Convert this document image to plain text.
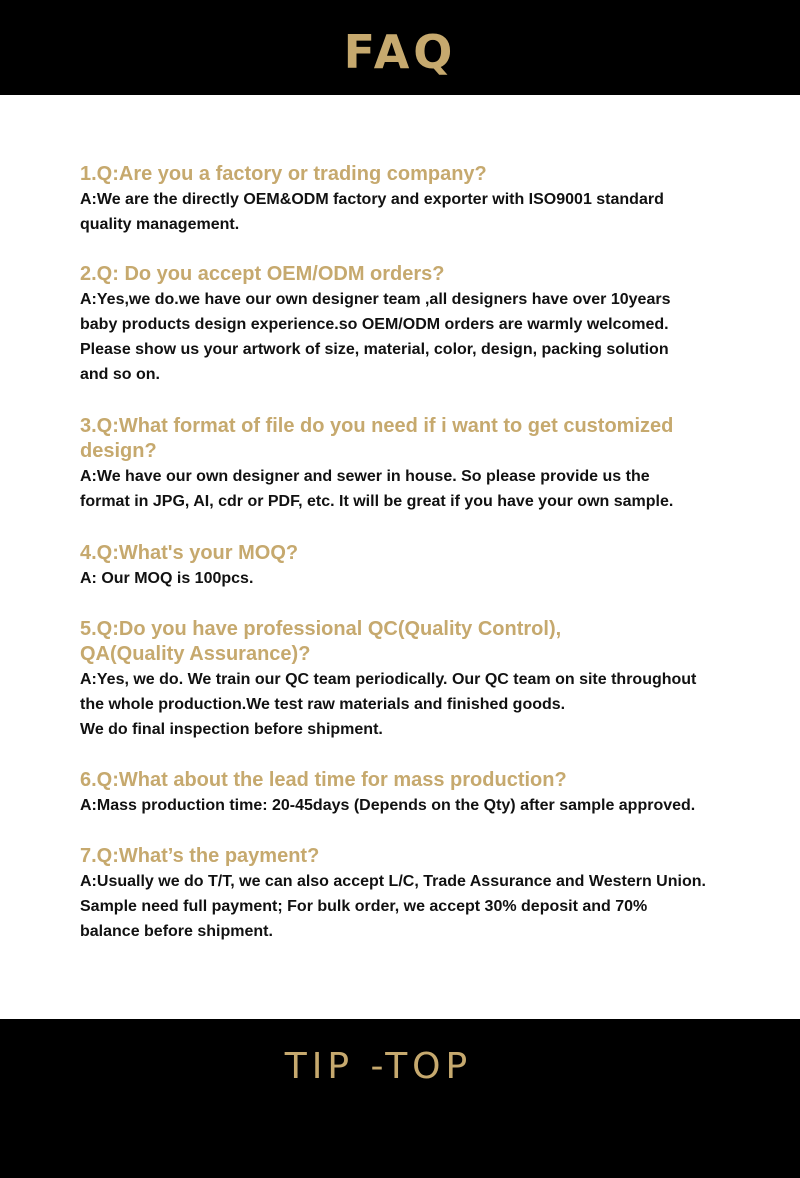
FAQ
1.Q:Are you a factory or trading company?
A:We are the directly OEM&ODM factory and exporter with ISO9001 standard
quality management.
2.Q: Do you accept OEM/ODM orders?
A:Yes,we do.we have our own designer team ,all designers have over 10years
baby products design experience.so OEM/ODM orders are warmly welcomed.
Please show us your artwork of size, material, color, design, packing solution
and so on.
3.Q:What format of file do you need if i want to get customized
design?
A:We have our own designer and sewer in house. So please provide us the
format in JPG, AI, cdr or PDF, etc. It will be great if you have your own sample.
4.Q:What's your MOQ?
A: Our MOQ is 100pcs.
5.Q:Do you have professional QC(Quality Control),
QA(Quality Assurance)?
A:Yes, we do. We train our QC team periodically. Our QC team on site throughout
the whole production.We test raw materials and finished goods.
We do final inspection before shipment.
6.Q:What about the lead time for mass production?
A:Mass production time: 20-45days (Depends on the Qty) after sample approved.
7.Q:What’s the payment?
A:Usually we do T/T, we can also accept L/C, Trade Assurance and Western Union.
Sample need full payment; For bulk order, we accept 30% deposit and 70%
balance before shipment.
TIP -TOP
